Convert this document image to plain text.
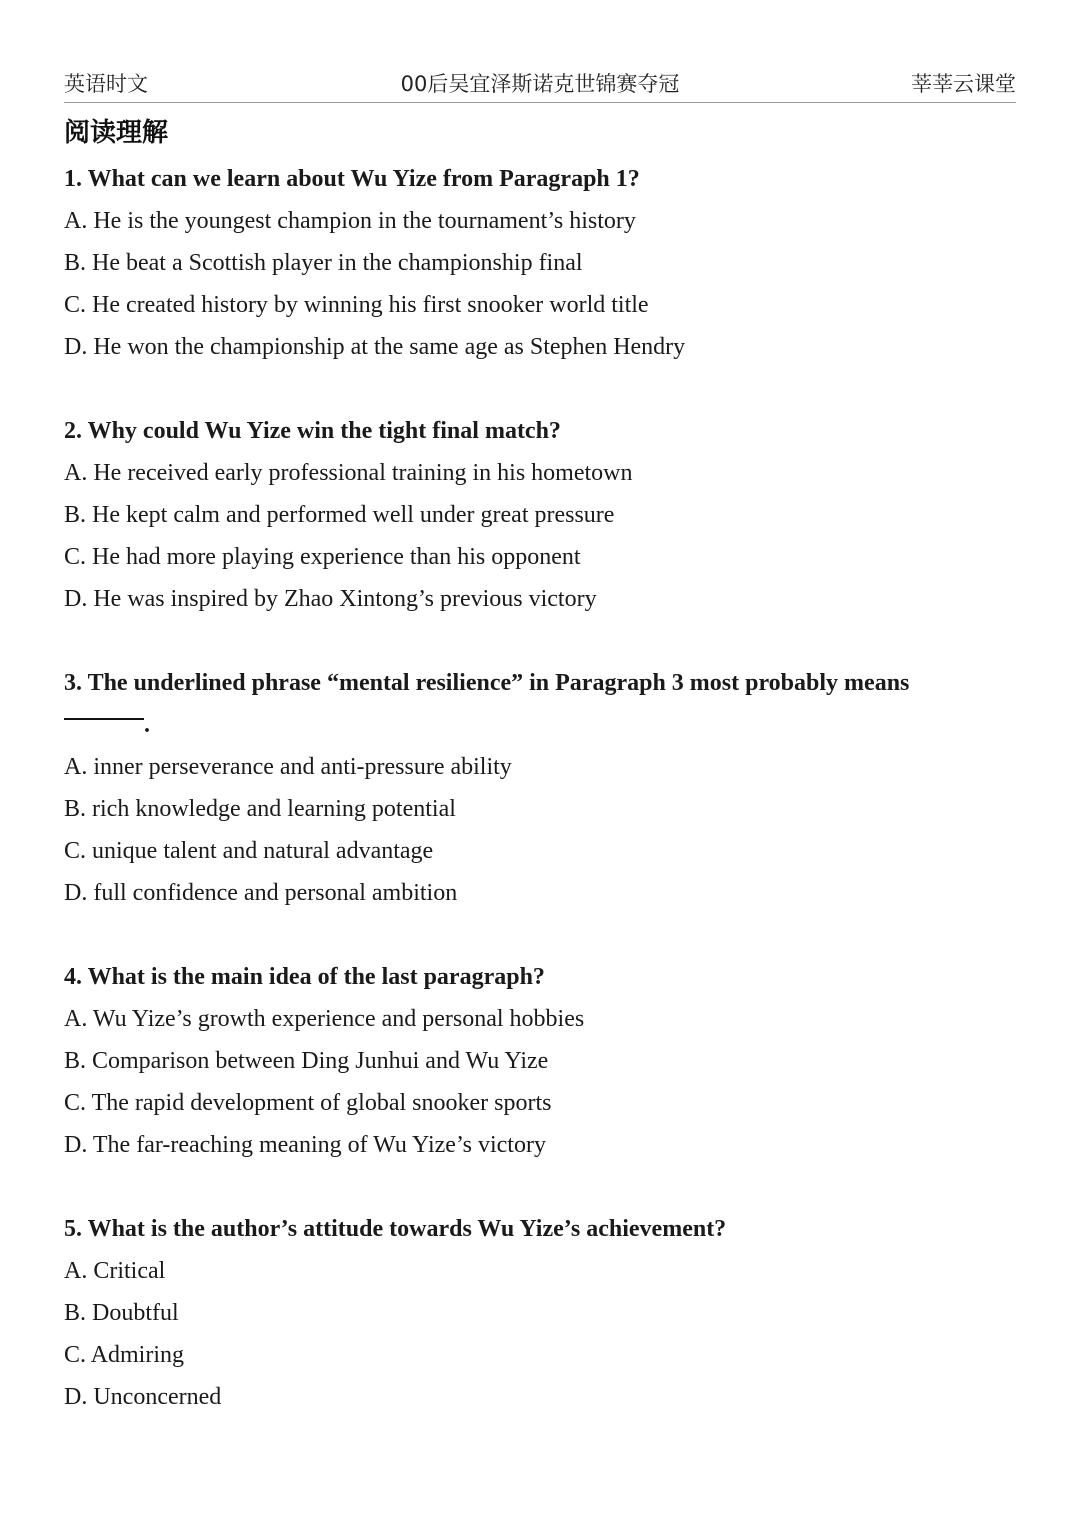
英语时文	00后吴宜泽斯诺克世锦赛夺冠	莘莘云课堂
阅读理解

1. What can we learn about Wu Yize from Paragraph 1?

A. He is the youngest champion in the tournament’s history
B. He beat a Scottish player in the championship final
C. He created history by winning his first snooker world title
D. He won the championship at the same age as Stephen Hendry

2. Why could Wu Yize win the tight final match?

A. He received early professional training in his hometown
B. He kept calm and performed well under great pressure
C. He had more playing experience than his opponent
D. He was inspired by Zhao Xintong’s previous victory

3. The underlined phrase “mental resilience” in Paragraph 3 most probably means

.
A. inner perseverance and anti-pressure ability
B. rich knowledge and learning potential
C. unique talent and natural advantage
D. full confidence and personal ambition

4. What is the main idea of the last paragraph?

A. Wu Yize’s growth experience and personal hobbies
B. Comparison between Ding Junhui and Wu Yize
C. The rapid development of global snooker sports
D. The far-reaching meaning of Wu Yize’s victory

5. What is the author’s attitude towards Wu Yize’s achievement?

A. Critical
B. Doubtful
C. Admiring
D. Unconcerned
